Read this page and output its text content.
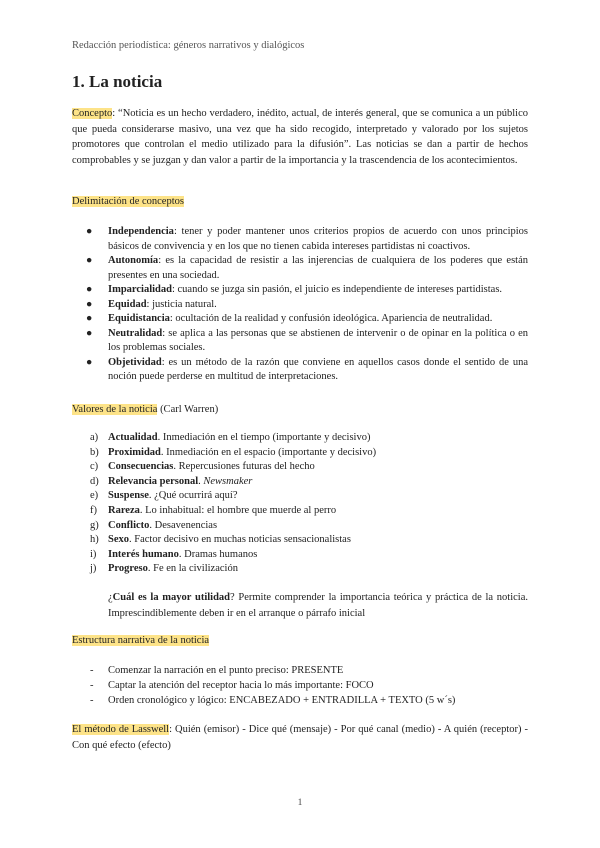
Redacción periodística: géneros narrativos y dialógicos
1. La noticia

Concepto: “Noticia es un hecho verdadero, inédito, actual, de interés general, que se comunica a un público que pueda considerarse masivo, una vez que ha sido recogido, interpretado y valorado por los sujetos promotores que controlan el medio utilizado para la difusión”. Las noticias se dan a partir de hechos comprobables y se juzgan y dan valor a partir de la importancia y la trascendencia de los acontecimientos.

Delimitación de conceptos
● Independencia: tener y poder mantener unos criterios propios de acuerdo con unos principios básicos de convivencia y en los que no tienen cabida intereses partidistas ni coactivos.
● Autonomía: es la capacidad de resistir a las injerencias de cualquiera de los poderes que están presentes en una sociedad.
● Imparcialidad: cuando se juzga sin pasión, el juicio es independiente de intereses partidistas.
● Equidad: justicia natural.
● Equidistancia: ocultación de la realidad y confusión ideológica. Apariencia de neutralidad.
● Neutralidad: se aplica a las personas que se abstienen de intervenir o de opinar en la política o en los problemas sociales.
● Objetividad: es un método de la razón que conviene en aquellos casos donde el sentido de una noción puede perderse en multitud de interpretaciones.
Valores de la noticia (Carl Warren)
a) Actualidad. Inmediación en el tiempo (importante y decisivo)
b) Proximidad. Inmediación en el espacio (importante y decisivo)
c) Consecuencias. Repercusiones futuras del hecho
d) Relevancia personal. Newsmaker
e) Suspense. ¿Qué ocurrirá aquí?
f) Rareza. Lo inhabitual: el hombre que muerde al perro
g) Conflicto. Desavenencias
h) Sexo. Factor decisivo en muchas noticias sensacionalistas
i) Interés humano. Dramas humanos
j) Progreso. Fe en la civilización

¿Cuál es la mayor utilidad? Permite comprender la importancia teórica y práctica de la noticia. Imprescindiblemente deben ir en el arranque o párrafo inicial

Estructura narrativa de la noticia
- Comenzar la narración en el punto preciso: PRESENTE
- Captar la atención del receptor hacia lo más importante: FOCO
- Orden cronológico y lógico: ENCABEZADO + ENTRADILLA + TEXTO (5 w´s)

El método de Lasswell: Quién (emisor) - Dice qué (mensaje) - Por qué canal (medio) - A quién (receptor) - Con qué efecto (efecto)

1
